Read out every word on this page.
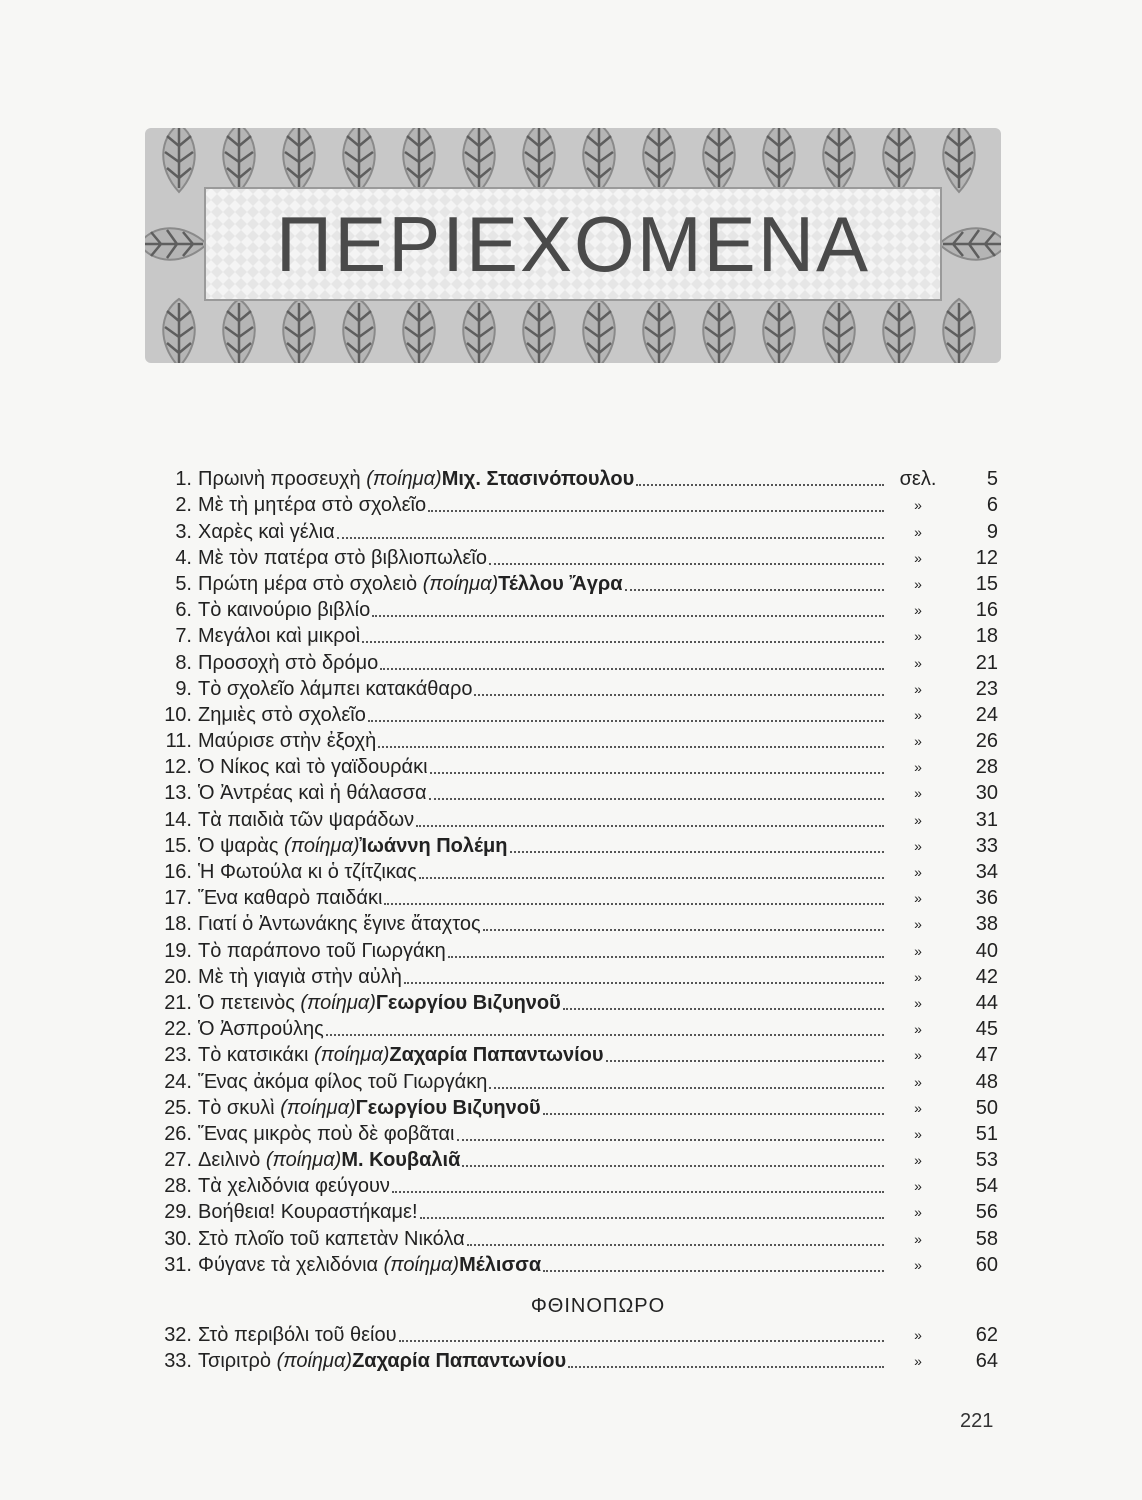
ΠΕΡΙΕΧΟΜΕΝΑ
1. Πρωινὴ προσευχὴ (ποίημα)Μιχ. Στασινόπουλου	σελ.	5
2. Μὲ τὴ μητέρα στὸ σχολεῖο	»	6
3. Χαρὲς καὶ γέλια	»	9
4. Μὲ τὸν πατέρα στὸ βιβλιοπωλεῖο	»	12
5. Πρώτη μέρα στὸ σχολειὸ (ποίημα)Τέλλου Ἄγρα	»	15
6. Τὸ καινούριο βιβλίο	»	16
7. Μεγάλοι καὶ μικροὶ	»	18
8. Προσοχὴ στὸ δρόμο	»	21
9. Τὸ σχολεῖο λάμπει κατακάθαρο	»	23
10. Ζημιὲς στὸ σχολεῖο	»	24
11. Μαύρισε στὴν ἐξοχὴ	»	26
12. Ὁ Νίκος καὶ τὸ γαϊδουράκι	»	28
13. Ὁ Ἀντρέας καὶ ἡ θάλασσα	»	30
14. Τὰ παιδιὰ τῶν ψαράδων	»	31
15. Ὁ ψαρὰς (ποίημα)Ἰωάννη Πολέμη	»	33
16. Ἡ Φωτούλα κι ὁ τζίτζικας	»	34
17. Ἕνα καθαρὸ παιδάκι	»	36
18. Γιατί ὁ Ἀντωνάκης ἔγινε ἄταχτος	»	38
19. Τὸ παράπονο τοῦ Γιωργάκη	»	40
20. Μὲ τὴ γιαγιὰ στὴν αὐλὴ	»	42
21. Ὁ πετεινὸς (ποίημα)Γεωργίου Βιζυηνοῦ	»	44
22. Ὁ Ἀσπρούλης	»	45
23. Τὸ κατσικάκι (ποίημα)Ζαχαρία Παπαντωνίου	»	47
24. Ἕνας ἀκόμα φίλος τοῦ Γιωργάκη	»	48
25. Τὸ σκυλὶ (ποίημα)Γεωργίου Βιζυηνοῦ	»	50
26. Ἕνας μικρὸς ποὺ δὲ φοβᾶται	»	51
27. Δειλινὸ (ποίημα)Μ. Κουβαλιᾶ	»	53
28. Τὰ χελιδόνια φεύγουν	»	54
29. Βοήθεια! Κουραστήκαμε!	»	56
30. Στὸ πλοῖο τοῦ καπετὰν Νικόλα	»	58
31. Φύγανε τὰ χελιδόνια (ποίημα)Μέλισσα	»	60
ΦΘΙΝΟΠΩΡΟ
32. Στὸ περιβόλι τοῦ θείου	»	62
33. Τσιριτρὸ (ποίημα)Ζαχαρία Παπαντωνίου	»	64
221
